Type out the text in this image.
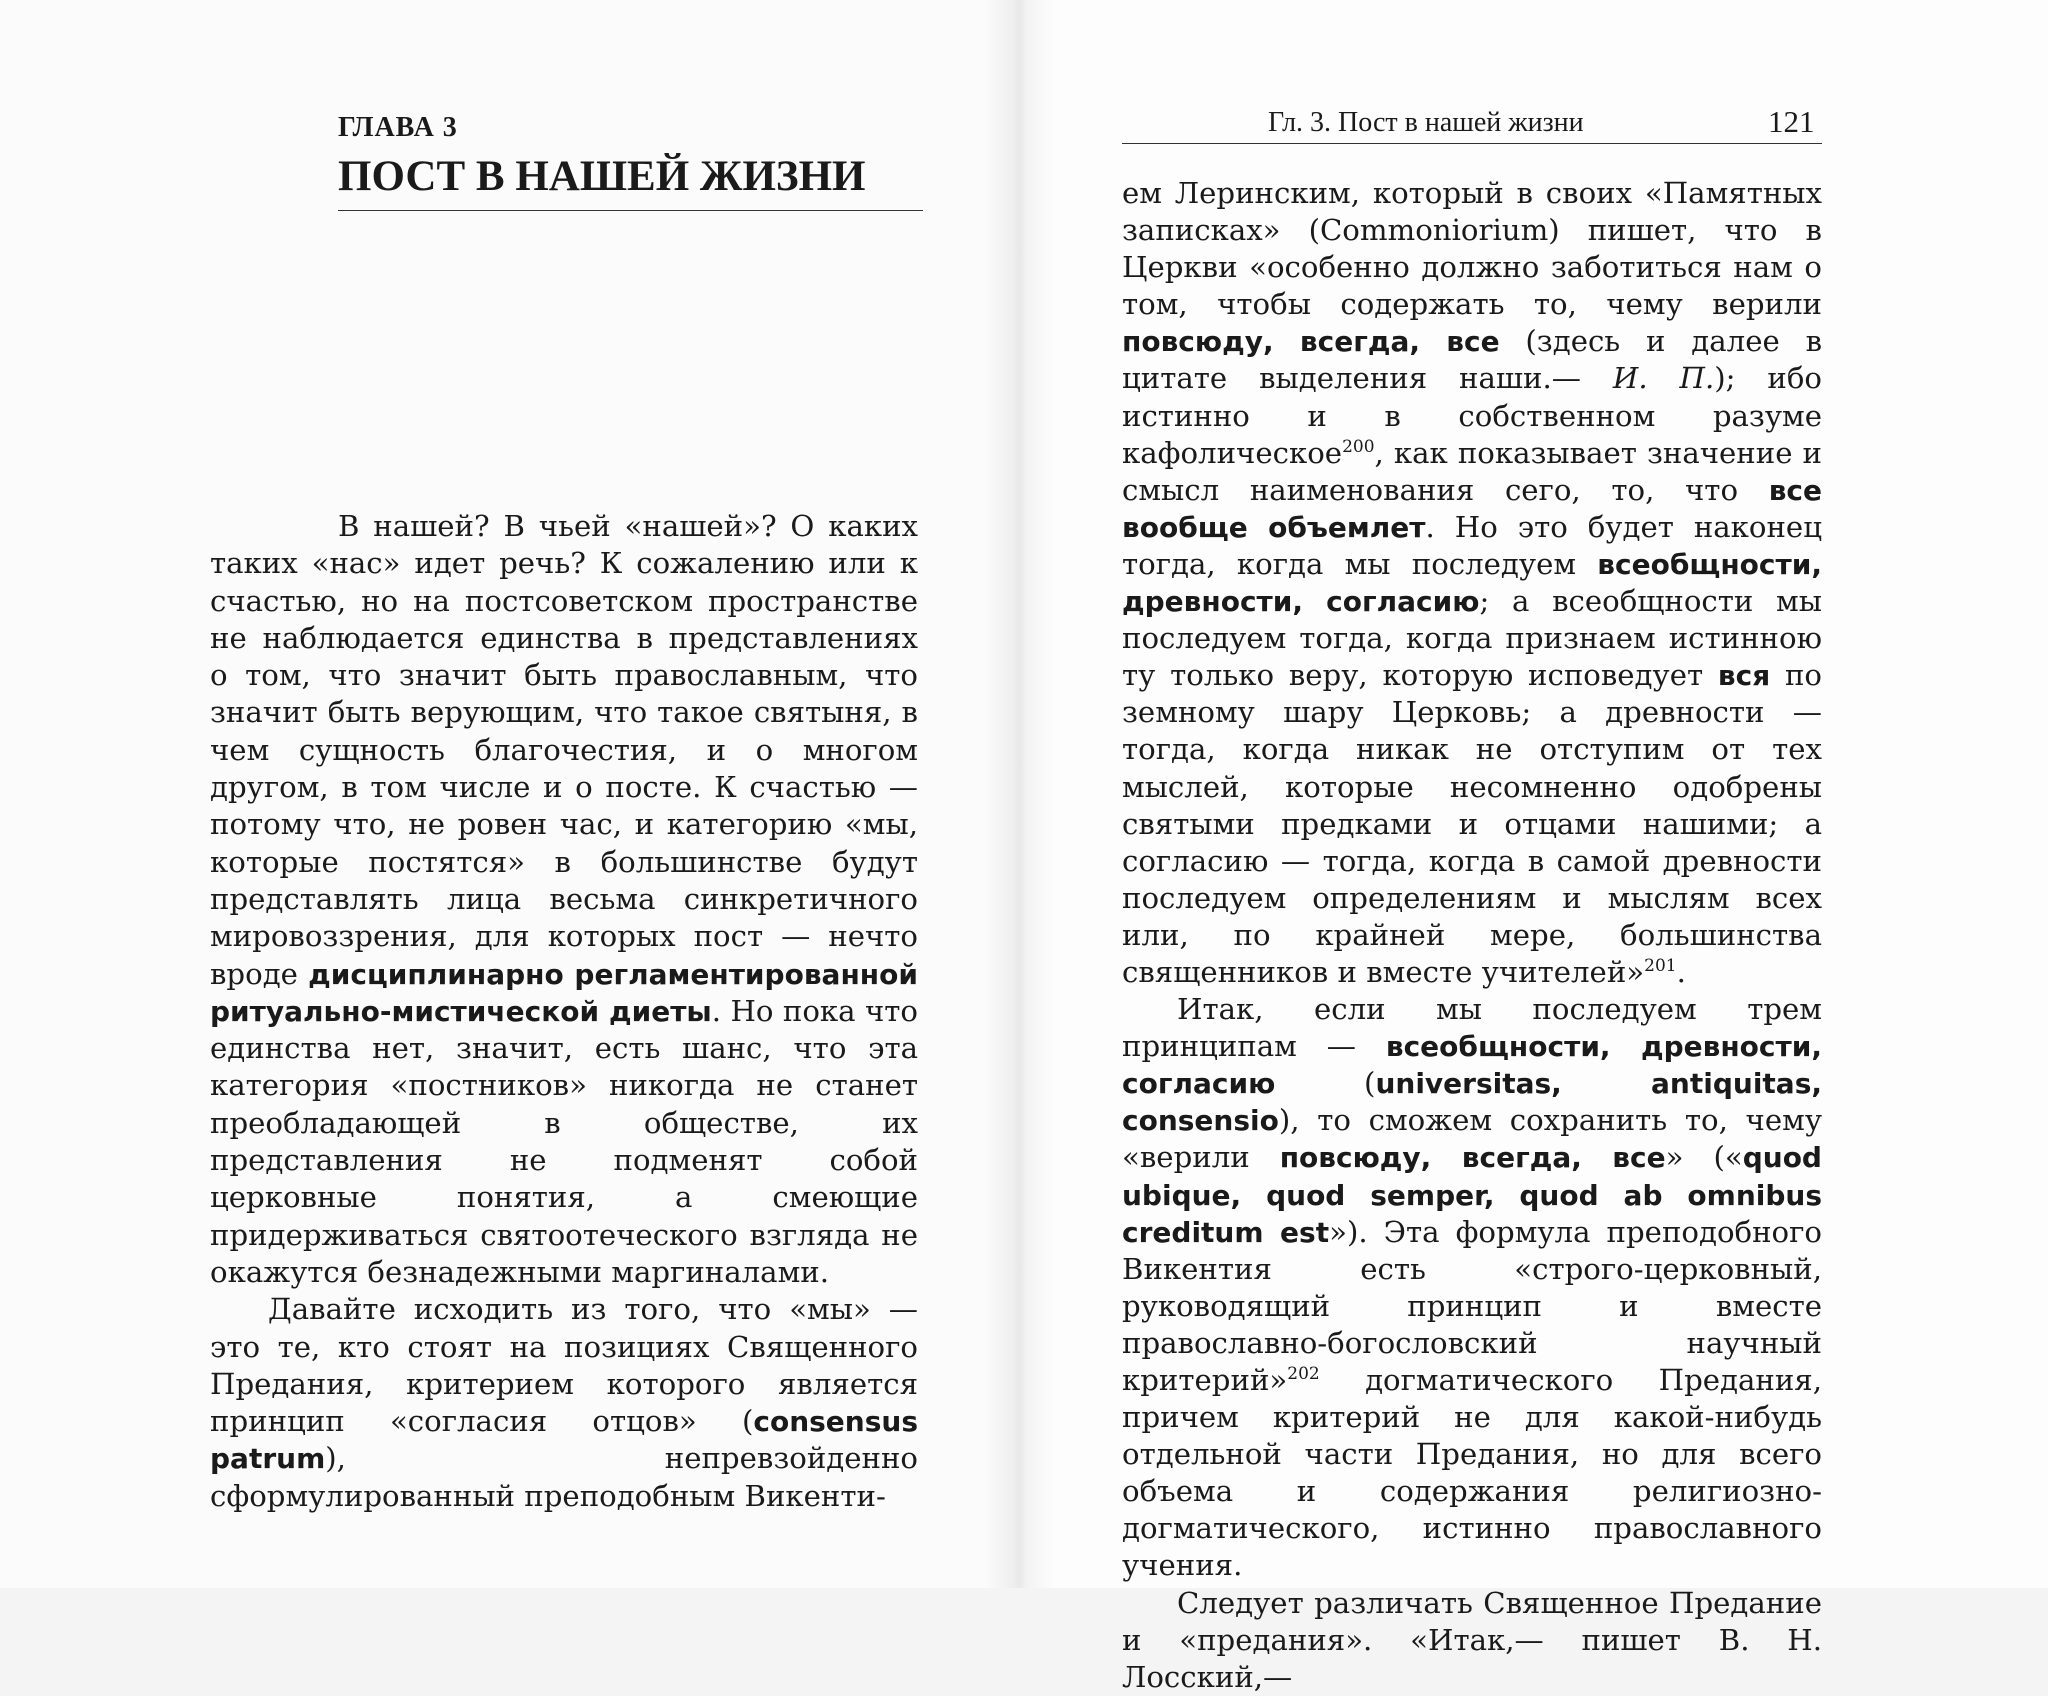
ГЛАВА 3
ПОСТ В НАШЕЙ ЖИЗНИ

В нашей? В чьей «нашей»? О каких таких «нас» идет речь? К сожалению или к счастью, но на постсоветском пространстве не наблюдается единства в представлениях о том, что значит быть православным, что значит быть верующим, что такое святыня, в чем сущность благочестия, и о многом другом, в том числе и о посте. К счастью — потому что, не ровен час, и категорию «мы, которые постятся» в большинстве будут представлять лица весьма синкретичного мировоззрения, для которых пост — нечто вроде дисциплинарно регламентированной ритуально-мистической диеты. Но пока что единства нет, значит, есть шанс, что эта категория «постников» никогда не станет преобладающей в обществе, их представления не подменят собой церковные понятия, а смеющие придерживаться святоотеческого взгляда не окажутся безнадежными маргиналами.

Давайте исходить из того, что «мы» — это те, кто стоят на позициях Священного Предания, критерием которого является принцип «согласия отцов» (consensus patrum), непревзойденно сформулированный преподобным Викенти-

Гл. 3. Пост в нашей жизни	121

ем Леринским, который в своих «Памятных записках» (Commoniorium) пишет, что в Церкви «особенно должно заботиться нам о том, чтобы содержать то, чему верили повсюду, всегда, все (здесь и далее в цитате выделения наши.— И. П.); ибо истинно и в собственном разуме кафолическое$^{200}$, как показывает значение и смысл наименования сего, то, что все вообще объемлет. Но это будет наконец тогда, когда мы последуем всеобщности, древности, согласию; а всеобщности мы последуем тогда, когда признаем истинною ту только веру, которую исповедует вся по земному шару Церковь; а древности — тогда, когда никак не отступим от тех мыслей, которые несомненно одобрены святыми предками и отцами нашими; а согласию — тогда, когда в самой древности последуем определениям и мыслям всех или, по крайней мере, большинства священников и вместе учителей»$^{201}$.

Итак, если мы последуем трем принципам — всеобщности, древности, согласию (universitas, antiquitas, consensio), то сможем сохранить то, чему «верили повсюду, всегда, все» («quod ubique, quod semper, quod ab omnibus creditum est»). Эта формула преподобного Викентия есть «строго-церковный, руководящий принцип и вместе православно-богословский научный критерий»$^{202}$ догматического Предания, причем критерий не для какой-нибудь отдельной части Предания, но для всего объема и содержания религиозно-догматического, истинно православного учения.

Следует различать Священное Предание и «предания». «Итак,— пишет В. Н. Лосский,—
